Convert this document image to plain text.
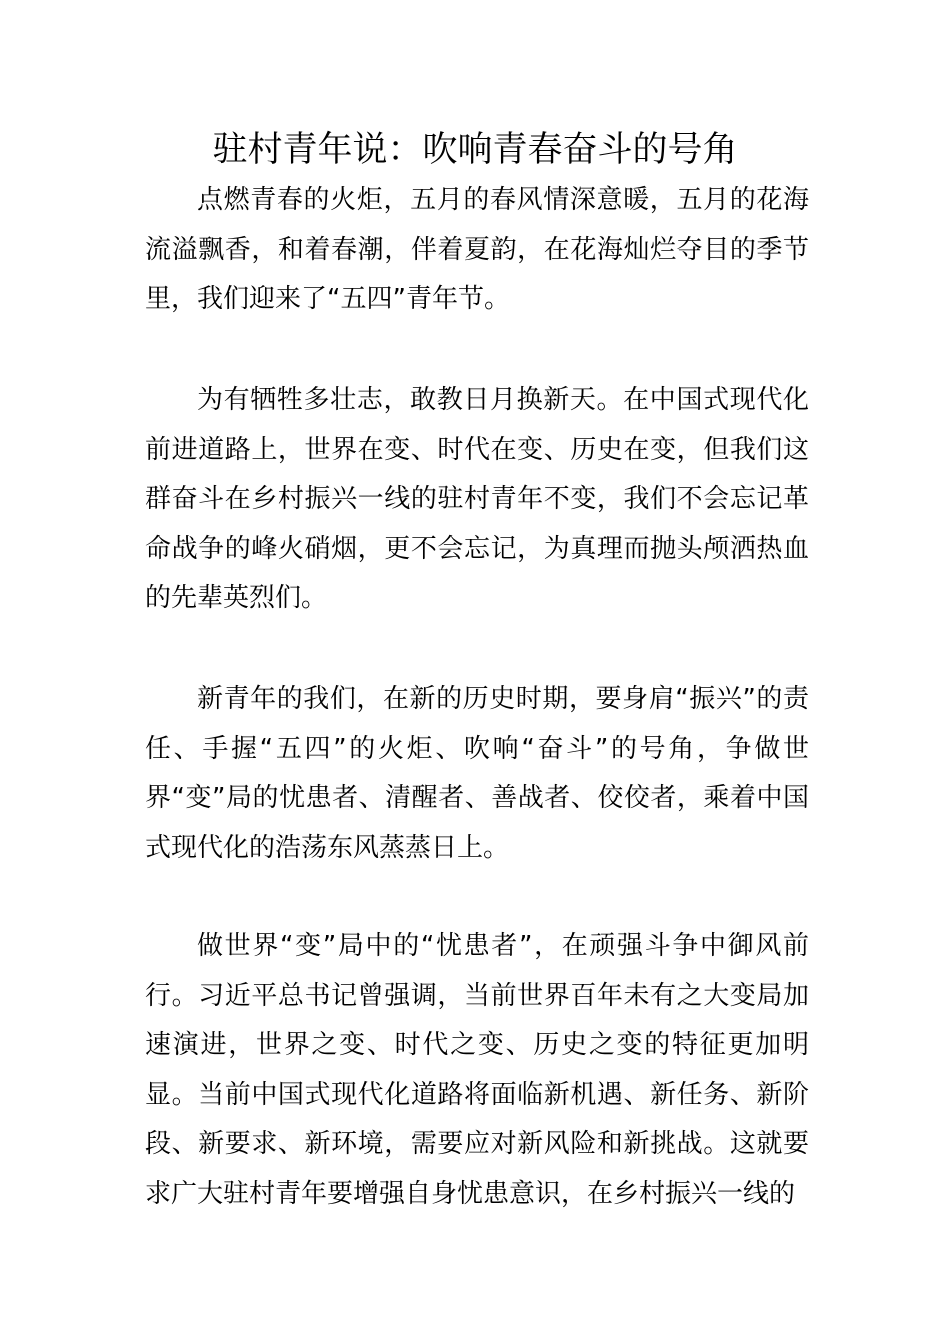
驻村青年说：吹响青春奋斗的号角

点燃青春的火炬，五月的春风情深意暖，五月的花海流溢飘香，和着春潮，伴着夏韵，在花海灿烂夺目的季节里，我们迎来了“五四”青年节。

为有牺牲多壮志，敢教日月换新天。在中国式现代化前进道路上，世界在变、时代在变、历史在变，但我们这群奋斗在乡村振兴一线的驻村青年不变，我们不会忘记革命战争的峰火硝烟，更不会忘记，为真理而抛头颅洒热血的先辈英烈们。

新青年的我们，在新的历史时期，要身肩“振兴”的责任、手握“五四”的火炬、吹响“奋斗”的号角，争做世界“变”局的忧患者、清醒者、善战者、佼佼者，乘着中国式现代化的浩荡东风蒸蒸日上。

做世界“变”局中的“忧患者”，在顽强斗争中御风前行。习近平总书记曾强调，当前世界百年未有之大变局加速演进，世界之变、时代之变、历史之变的特征更加明显。当前中国式现代化道路将面临新机遇、新任务、新阶段、新要求、新环境，需要应对新风险和新挑战。这就要求广大驻村青年要增强自身忧患意识，在乡村振兴一线的
